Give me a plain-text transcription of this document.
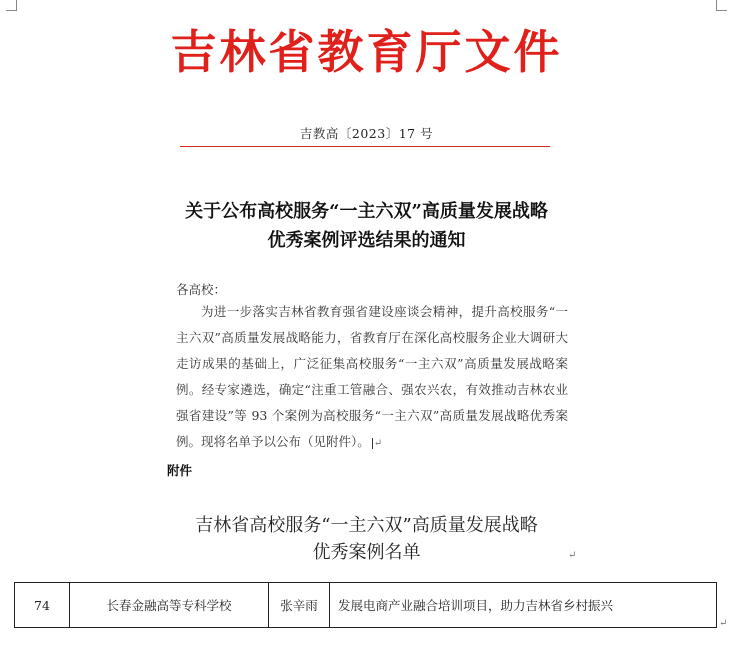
吉林省教育厅文件
吉教高〔2023〕17 号
关于公布高校服务“一主六双”高质量发展战略
优秀案例评选结果的通知
各高校：
为进一步落实吉林省教育强省建设座谈会精神，提升高校服务“一主六双”高质量发展战略能力，省教育厅在深化高校服务企业大调研大走访成果的基础上，广泛征集高校服务“一主六双”高质量发展战略案例。经专家遴选，确定“注重工管融合、强农兴农，有效推动吉林农业强省建设”等 93 个案例为高校服务“一主六双”高质量发展战略优秀案例。现将名单予以公布（见附件）。 ↵
附件
吉林省高校服务“一主六双”高质量发展战略
优秀案例名单	↵
74	长春金融高等专科学校	张辛雨	发展电商产业融合培训项目，助力吉林省乡村振兴
↵
